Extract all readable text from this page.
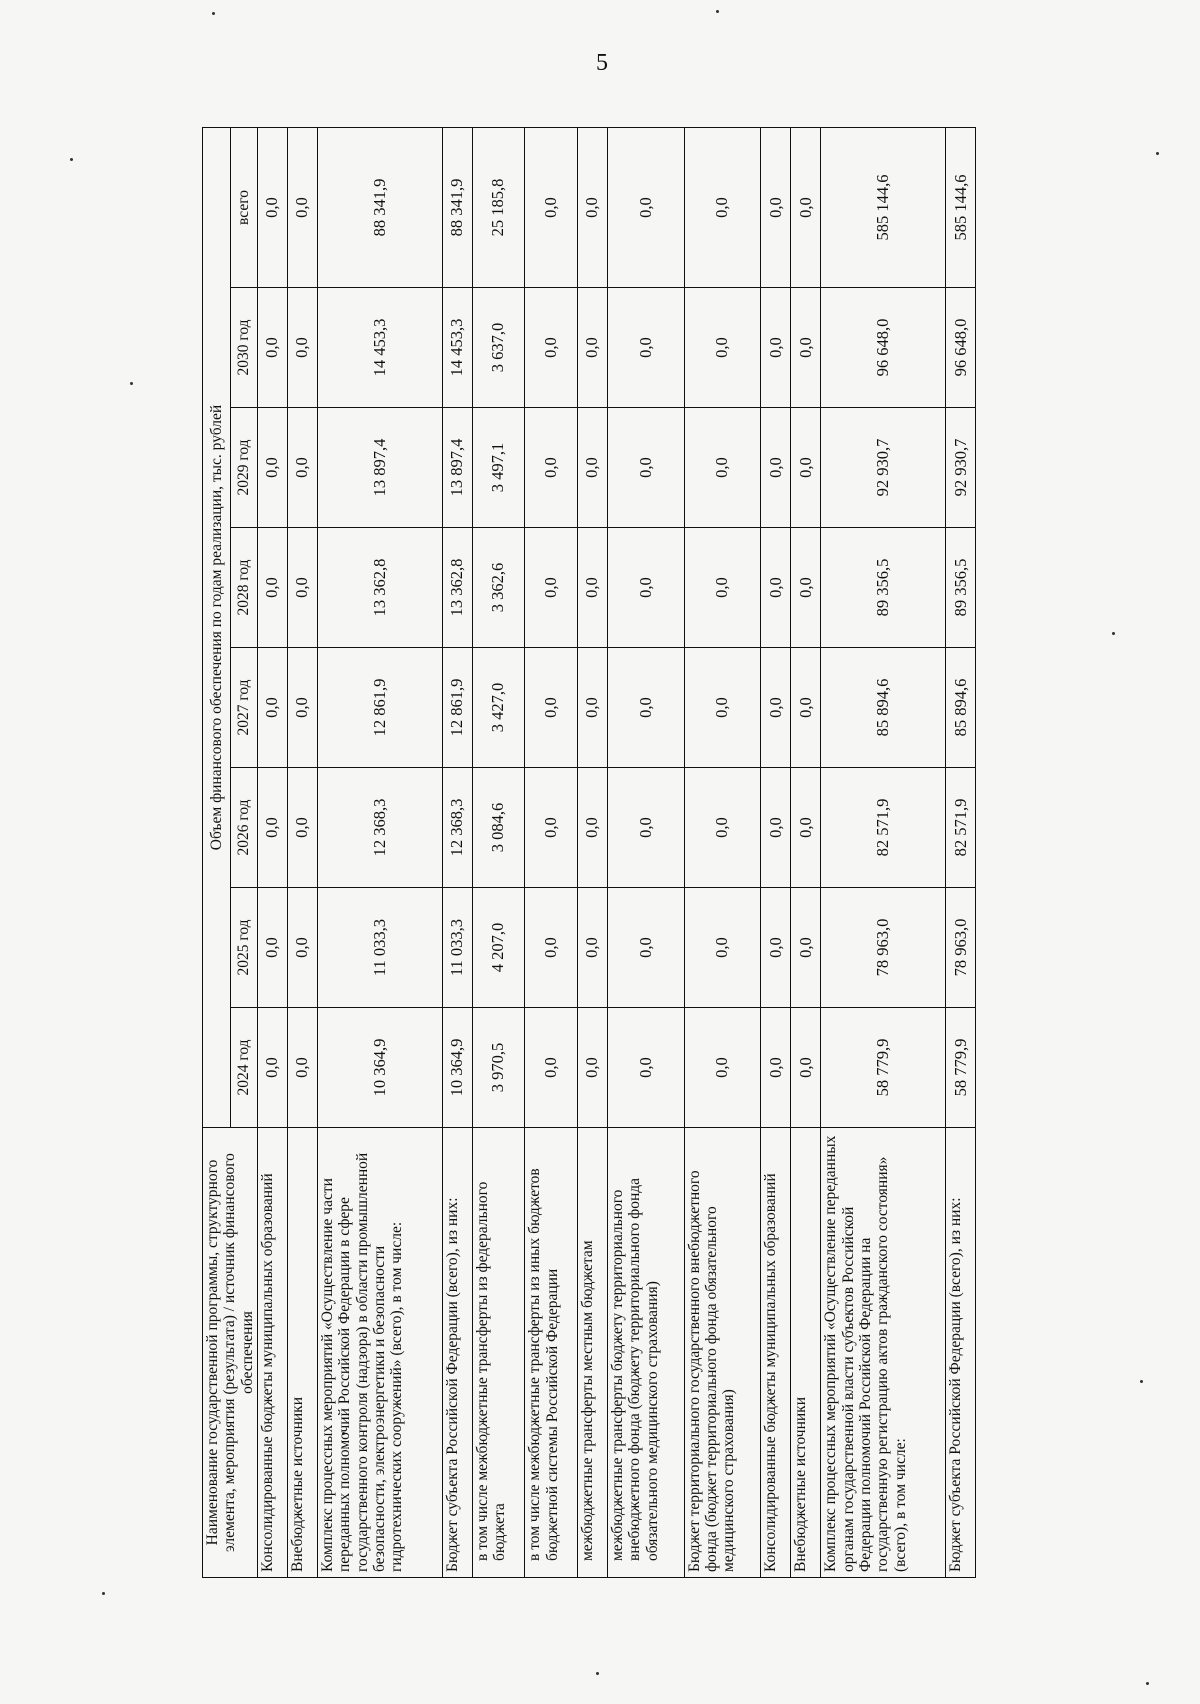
5
Наименование государственной программы, структурного элемента, мероприятия (результата) / источник финансового обеспечения	Объем финансового обеспечения по годам реализации, тыс. рублей							
	2024 год	2025 год	2026 год	2027 год	2028 год	2029 год	2030 год	всего
Консолидированные бюджеты муниципальных образований	0,0	0,0	0,0	0,0	0,0	0,0	0,0	0,0
Внебюджетные источники	0,0	0,0	0,0	0,0	0,0	0,0	0,0	0,0
Комплекс процессных мероприятий «Осуществление части переданных полномочий Российской Федерации в сфере государственного контроля (надзора) в области промышленной безопасности, электроэнергетики и безопасности гидротехнических сооружений» (всего), в том числе:	10 364,9	11 033,3	12 368,3	12 861,9	13 362,8	13 897,4	14 453,3	88 341,9
Бюджет субъекта Российской Федерации (всего), из них:	10 364,9	11 033,3	12 368,3	12 861,9	13 362,8	13 897,4	14 453,3	88 341,9
в том числе межбюджетные трансферты из федерального бюджета	3 970,5	4 207,0	3 084,6	3 427,0	3 362,6	3 497,1	3 637,0	25 185,8
в том числе межбюджетные трансферты из иных бюджетов бюджетной системы Российской Федерации	0,0	0,0	0,0	0,0	0,0	0,0	0,0	0,0
межбюджетные трансферты местным бюджетам	0,0	0,0	0,0	0,0	0,0	0,0	0,0	0,0
межбюджетные трансферты бюджету территориального внебюджетного фонда (бюджету территориального фонда обязательного медицинского страхования)	0,0	0,0	0,0	0,0	0,0	0,0	0,0	0,0
Бюджет территориального государственного внебюджетного фонда (бюджет территориального фонда обязательного медицинского страхования)	0,0	0,0	0,0	0,0	0,0	0,0	0,0	0,0
Консолидированные бюджеты муниципальных образований	0,0	0,0	0,0	0,0	0,0	0,0	0,0	0,0
Внебюджетные источники	0,0	0,0	0,0	0,0	0,0	0,0	0,0	0,0
Комплекс процессных мероприятий «Осуществление переданных органам государственной власти субъектов Российской Федерации полномочий Российской Федерации на государственную регистрацию актов гражданского состояния» (всего), в том числе:	58 779,9	78 963,0	82 571,9	85 894,6	89 356,5	92 930,7	96 648,0	585 144,6
Бюджет субъекта Российской Федерации (всего), из них:	58 779,9	78 963,0	82 571,9	85 894,6	89 356,5	92 930,7	96 648,0	585 144,6
